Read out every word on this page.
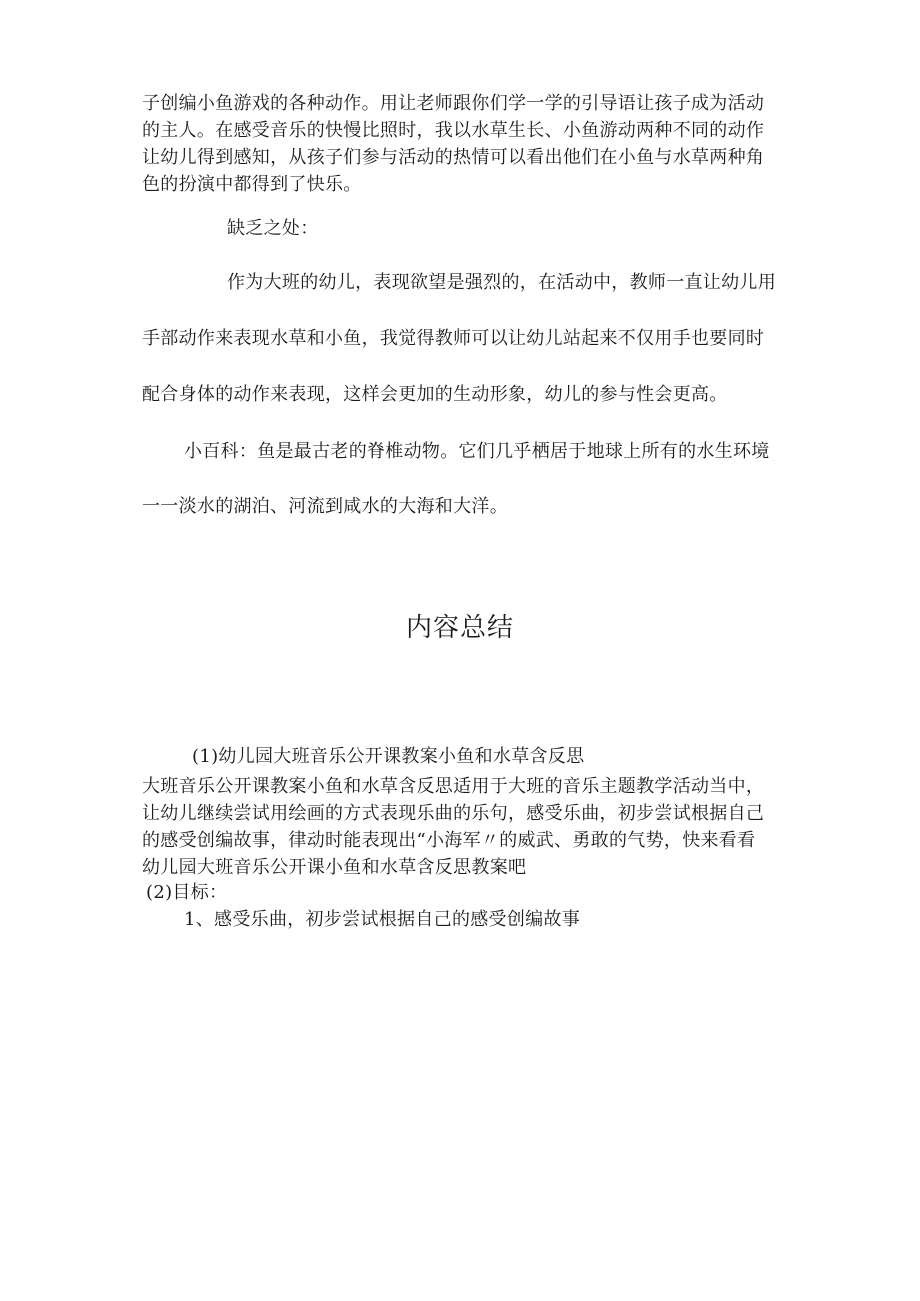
子创编小鱼游戏的各种动作。用让老师跟你们学一学的引导语让孩子成为活动
的主人。在感受音乐的快慢比照时，我以水草生长、小鱼游动两种不同的动作
让幼儿得到感知，从孩子们参与活动的热情可以看出他们在小鱼与水草两种角
色的扮演中都得到了快乐。
缺乏之处：
作为大班的幼儿，表现欲望是强烈的，在活动中，教师一直让幼儿用
手部动作来表现水草和小鱼，我觉得教师可以让幼儿站起来不仅用手也要同时
配合身体的动作来表现，这样会更加的生动形象，幼儿的参与性会更高。
小百科：鱼是最古老的脊椎动物。它们几乎栖居于地球上所有的水生环境
一一淡水的湖泊、河流到咸水的大海和大洋。
内容总结
(1)幼儿园大班音乐公开课教案小鱼和水草含反思
大班音乐公开课教案小鱼和水草含反思适用于大班的音乐主题教学活动当中，
让幼儿继续尝试用绘画的方式表现乐曲的乐句，感受乐曲，初步尝试根据自己
的感受创编故事，律动时能表现出“小海军〃的威武、勇敢的气势，快来看看
幼儿园大班音乐公开课小鱼和水草含反思教案吧
(2)目标：
1、感受乐曲，初步尝试根据自己的感受创编故事
